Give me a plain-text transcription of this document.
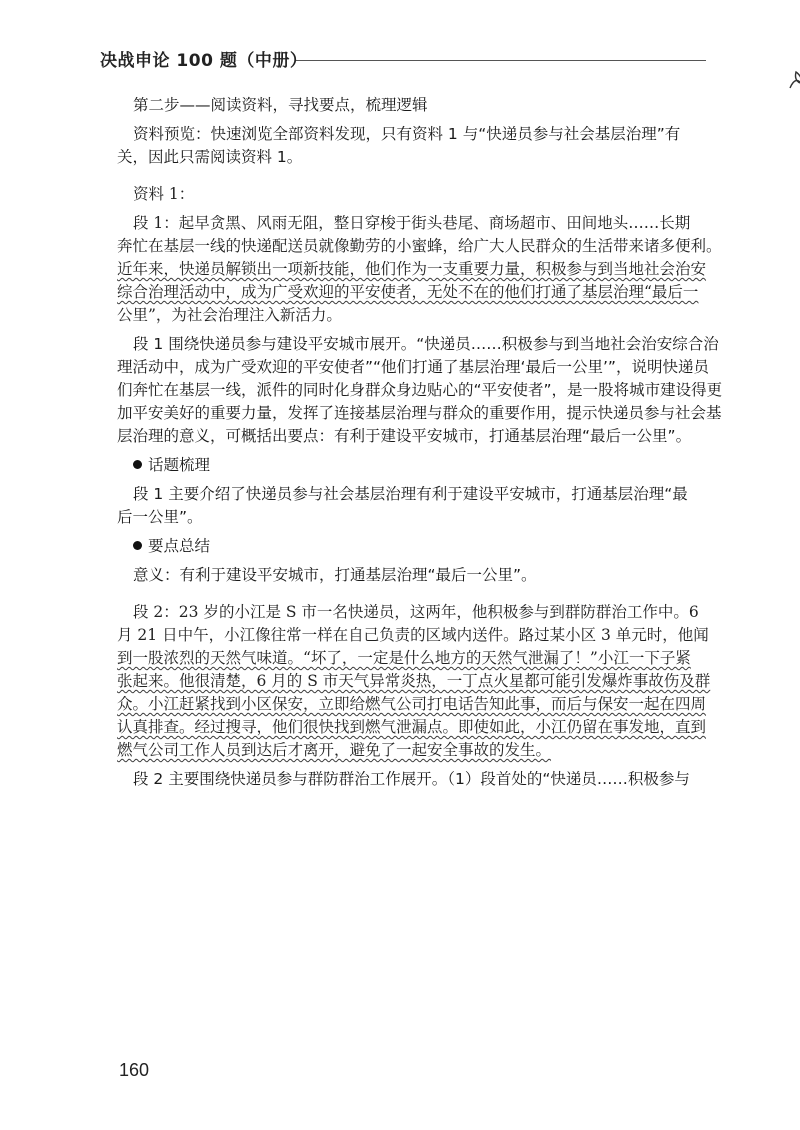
决战申论 100 题（中册）

第二步——阅读资料，寻找要点，梳理逻辑

资料预览：快速浏览全部资料发现，只有资料 1 与“快递员参与社会基层治理”有

关，因此只需阅读资料 1。

资料 1：

段 1：起早贪黑、风雨无阻，整日穿梭于街头巷尾、商场超市、田间地头……长期

奔忙在基层一线的快递配送员就像勤劳的小蜜蜂，给广大人民群众的生活带来诸多便利。

近年来，快递员解锁出一项新技能，他们作为一支重要力量，积极参与到当地社会治安

综合治理活动中，成为广受欢迎的平安使者，无处不在的他们打通了基层治理“最后一

公里”，为社会治理注入新活力。

段 1 围绕快递员参与建设平安城市展开。“快递员……积极参与到当地社会治安综合治

理活动中，成为广受欢迎的平安使者”“他们打通了基层治理‘最后一公里’”，说明快递员

们奔忙在基层一线，派件的同时化身群众身边贴心的“平安使者”，是一股将城市建设得更

加平安美好的重要力量，发挥了连接基层治理与群众的重要作用，提示快递员参与社会基

层治理的意义，可概括出要点：有利于建设平安城市，打通基层治理“最后一公里”。

话题梳理

段 1 主要介绍了快递员参与社会基层治理有利于建设平安城市，打通基层治理“最

后一公里”。

要点总结

意义：有利于建设平安城市，打通基层治理“最后一公里”。

段 2：23 岁的小江是 S 市一名快递员，这两年，他积极参与到群防群治工作中。6

月 21 日中午，小江像往常一样在自己负责的区域内送件。路过某小区 3 单元时，他闻

到一股浓烈的天然气味道。“坏了，一定是什么地方的天然气泄漏了！”小江一下子紧

张起来。他很清楚，6 月的 S 市天气异常炎热，一丁点火星都可能引发爆炸事故伤及群

众。小江赶紧找到小区保安，立即给燃气公司打电话告知此事，而后与保安一起在四周

认真排查。经过搜寻，他们很快找到燃气泄漏点。即使如此，小江仍留在事发地，直到

燃气公司工作人员到达后才离开，避免了一起安全事故的发生。

段 2 主要围绕快递员参与群防群治工作展开。（1）段首处的“快递员……积极参与

160
